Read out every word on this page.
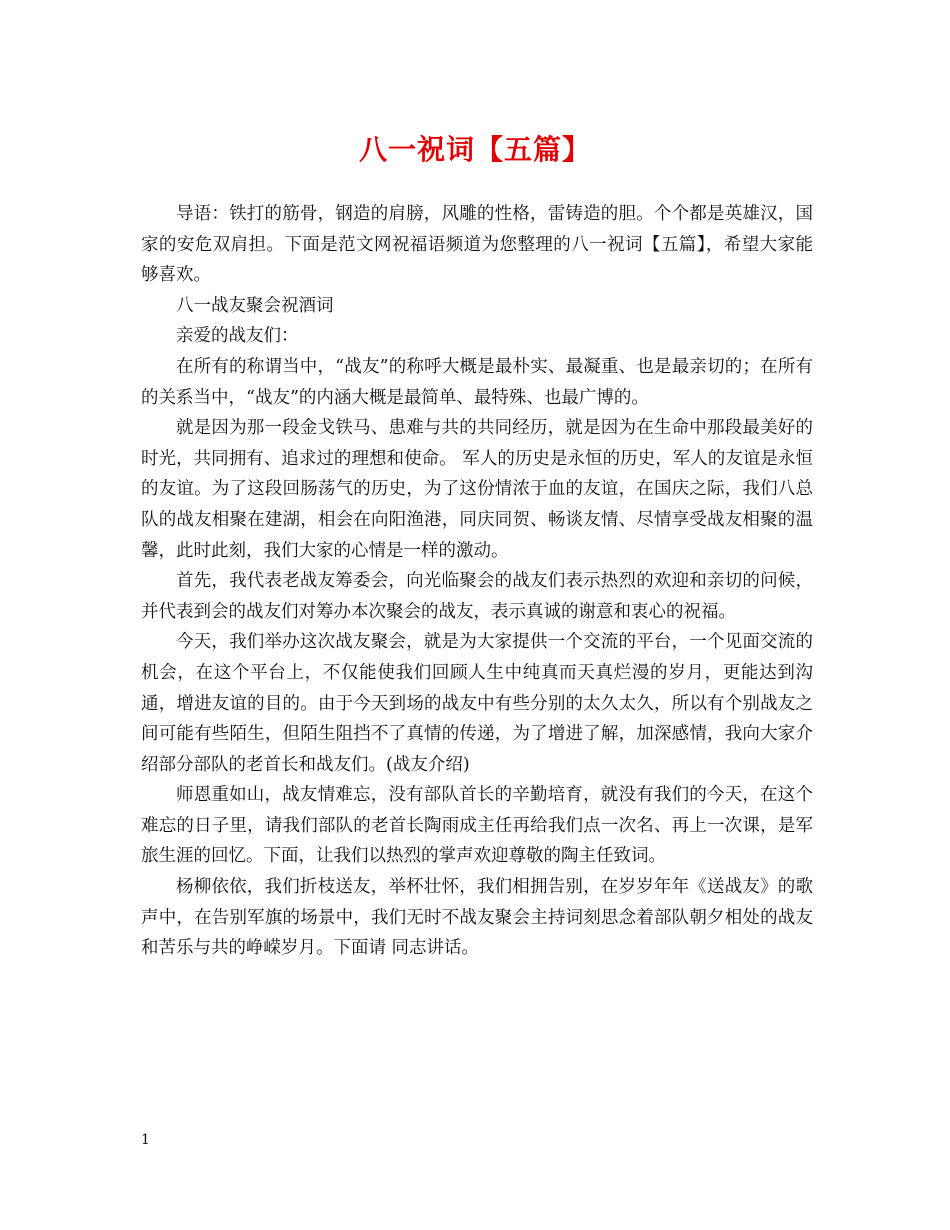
八一祝词【五篇】

导语：铁打的筋骨，钢造的肩膀，风雕的性格，雷铸造的胆。个个都是英雄汉，国家的安危双肩担。下面是范文网祝福语频道为您整理的八一祝词【五篇】，希望大家能够喜欢。

八一战友聚会祝酒词

亲爱的战友们：

在所有的称谓当中，“战友”的称呼大概是最朴实、最凝重、也是最亲切的；在所有的关系当中，“战友”的内涵大概是最简单、最特殊、也最广博的。

就是因为那一段金戈铁马、患难与共的共同经历，就是因为在生命中那段最美好的时光，共同拥有、追求过的理想和使命。 军人的历史是永恒的历史，军人的友谊是永恒的友谊。为了这段回肠荡气的历史，为了这份情浓于血的友谊，在国庆之际，我们八总队的战友相聚在建湖，相会在向阳渔港，同庆同贺、畅谈友情、尽情享受战友相聚的温馨，此时此刻，我们大家的心情是一样的激动。

首先，我代表老战友筹委会，向光临聚会的战友们表示热烈的欢迎和亲切的问候，并代表到会的战友们对筹办本次聚会的战友，表示真诚的谢意和衷心的祝福。

今天，我们举办这次战友聚会，就是为大家提供一个交流的平台，一个见面交流的机会，在这个平台上，不仅能使我们回顾人生中纯真而天真烂漫的岁月，更能达到沟通，增进友谊的目的。由于今天到场的战友中有些分别的太久太久，所以有个别战友之间可能有些陌生，但陌生阻挡不了真情的传递，为了增进了解，加深感情，我向大家介绍部分部队的老首长和战友们。(战友介绍)

师恩重如山，战友情难忘，没有部队首长的辛勤培育，就没有我们的今天，在这个难忘的日子里，请我们部队的老首长陶雨成主任再给我们点一次名、再上一次课，是军旅生涯的回忆。下面，让我们以热烈的掌声欢迎尊敬的陶主任致词。

杨柳依依，我们折枝送友，举杯壮怀，我们相拥告别，在岁岁年年《送战友》的歌声中，在告别军旗的场景中，我们无时不战友聚会主持词刻思念着部队朝夕相处的战友和苦乐与共的峥嵘岁月。下面请 同志讲话。

1
